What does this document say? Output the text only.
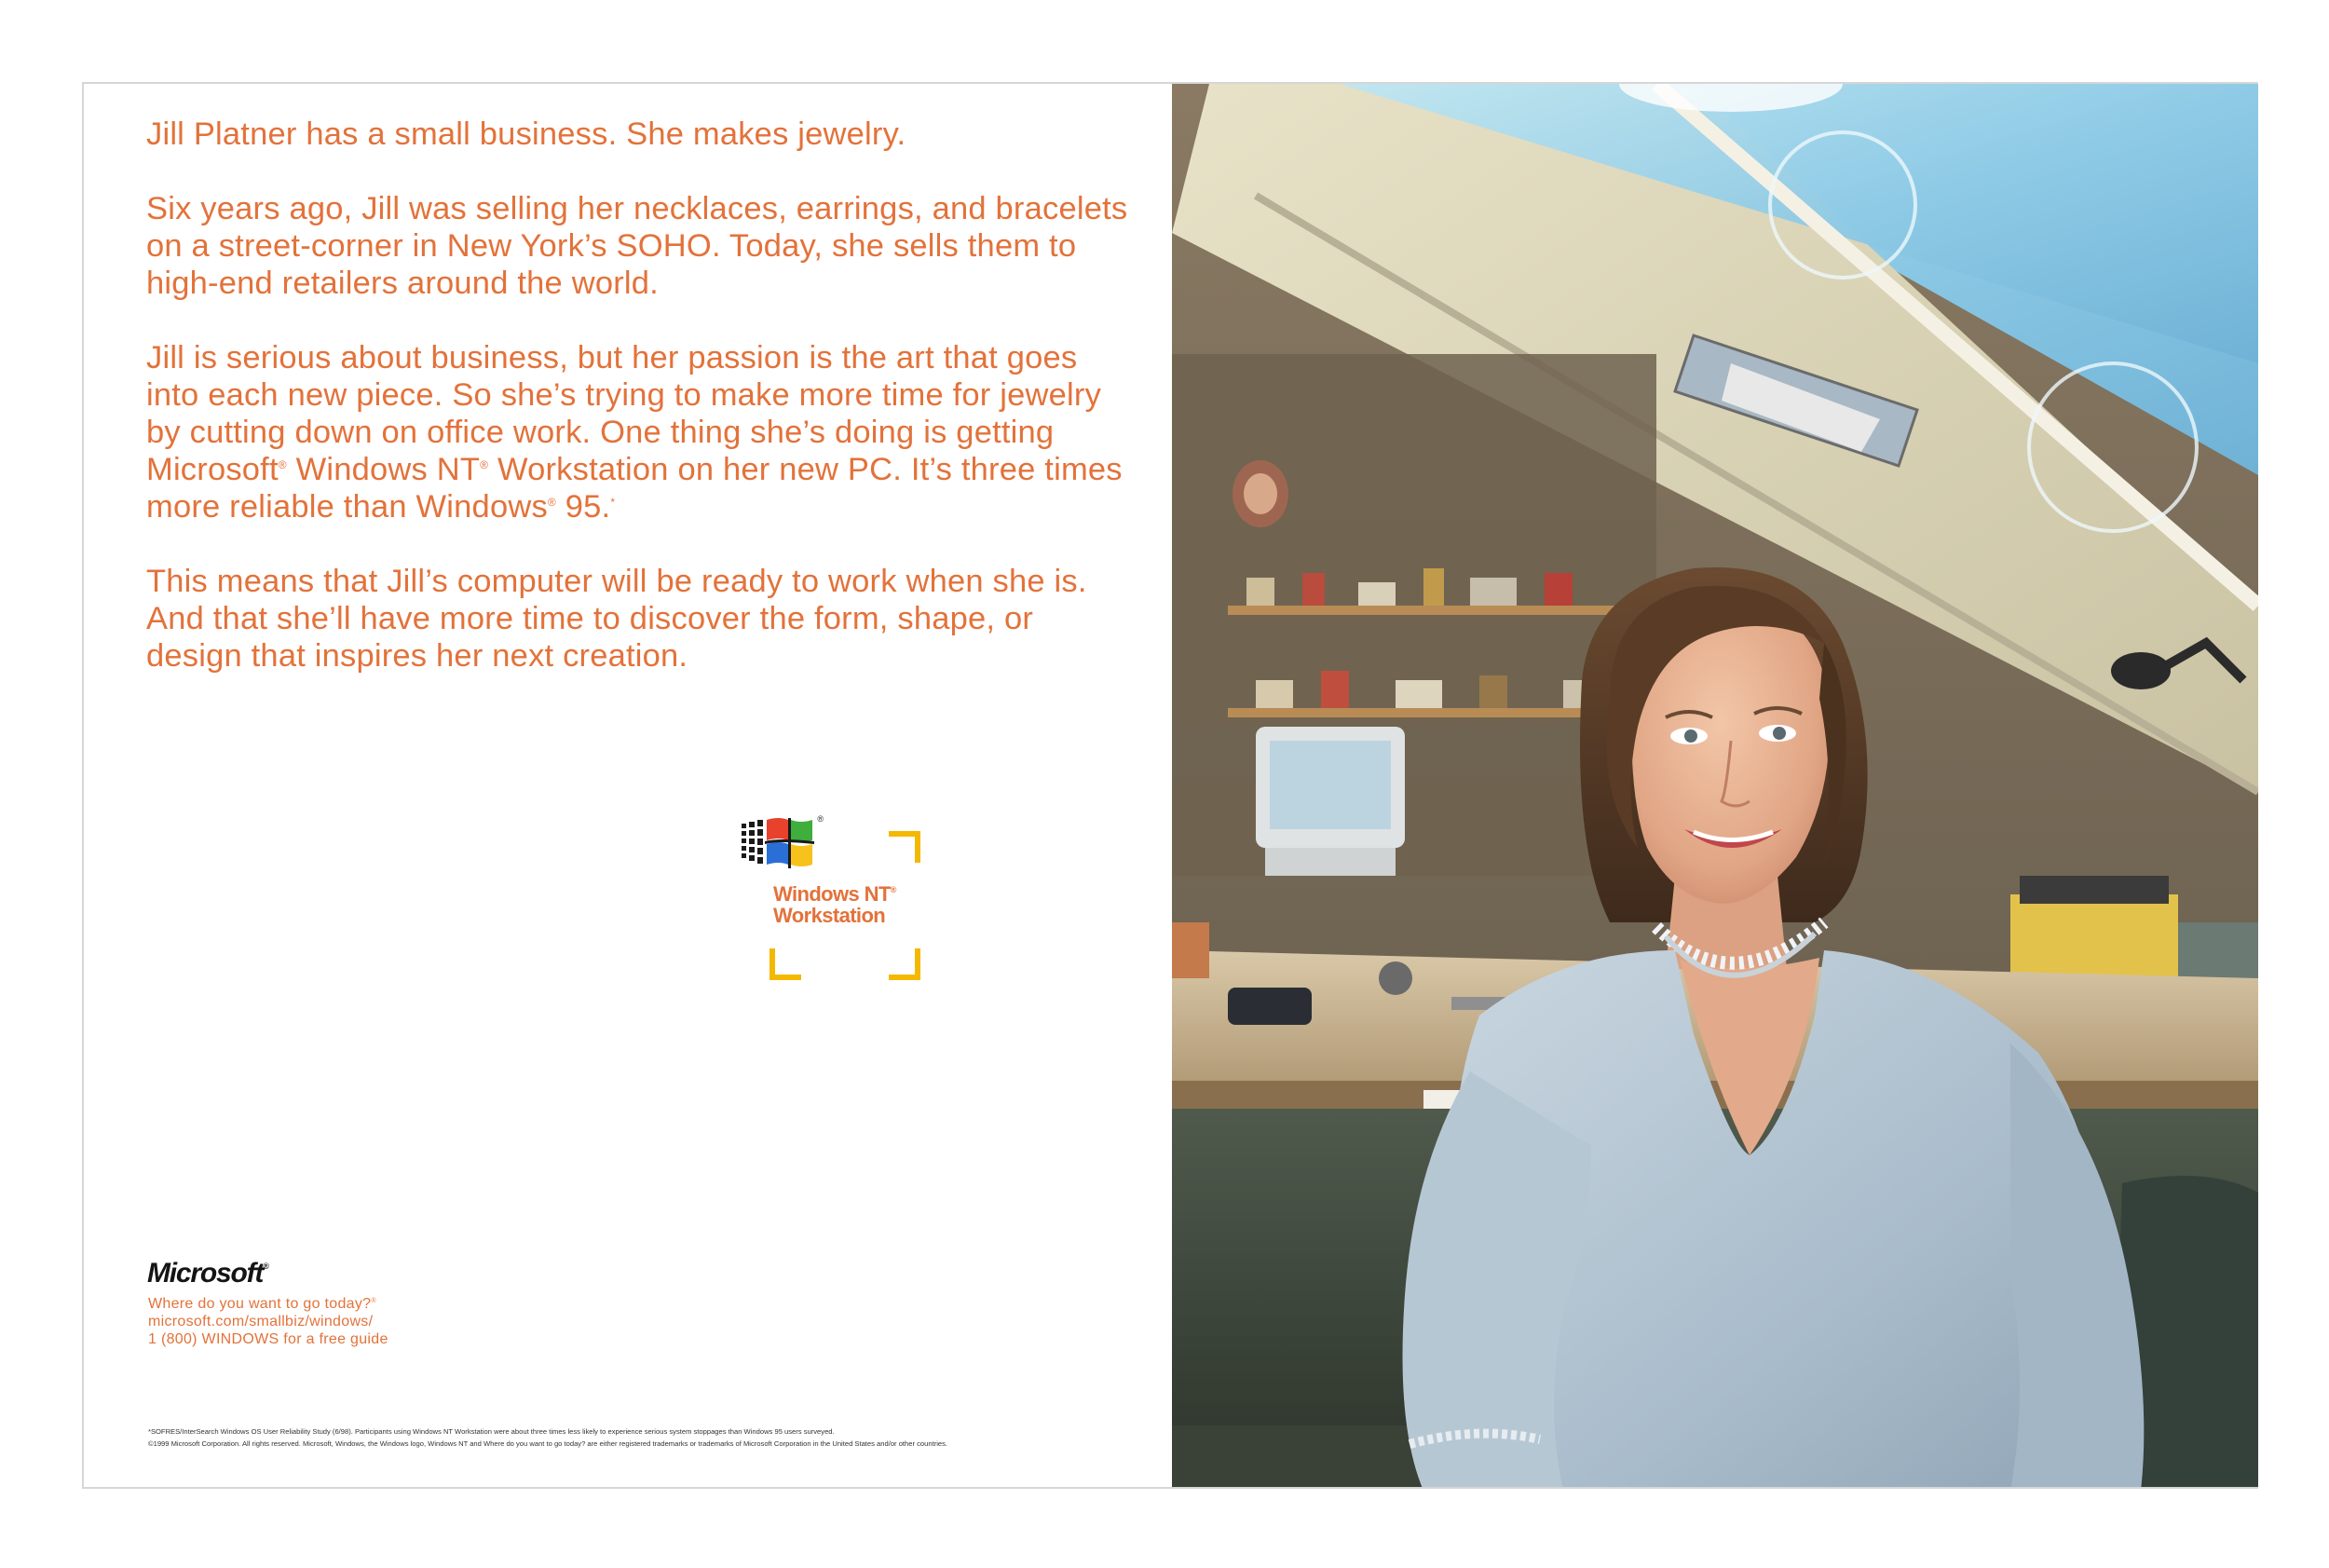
Jill Platner has a small business. She makes jewelry.

Six years ago, Jill was selling her necklaces, earrings, and bracelets on a street-corner in New York’s SOHO. Today, she sells them to high-end retailers around the world.

Jill is serious about business, but her passion is the art that goes into each new piece. So she’s trying to make more time for jewelry by cutting down on office work. One thing she’s doing is getting Microsoft® Windows NT® Workstation on her new PC. It’s three times more reliable than Windows® 95.*

This means that Jill’s computer will be ready to work when she is. And that she’ll have more time to discover the form, shape, or design that inspires her next creation.

®
Windows NT®
Workstation
Microsoft®
Where do you want to go today?®
microsoft.com/smallbiz/windows/
1 (800) WINDOWS for a free guide
*SOFRES/InterSearch Windows OS User Reliability Study (6/98). Participants using Windows NT Workstation were about three times less likely to experience serious system stoppages than Windows 95 users surveyed.
©1999 Microsoft Corporation. All rights reserved. Microsoft, Windows, the Windows logo, Windows NT and Where do you want to go today? are either registered trademarks or trademarks of Microsoft Corporation in the United States and/or other countries.
